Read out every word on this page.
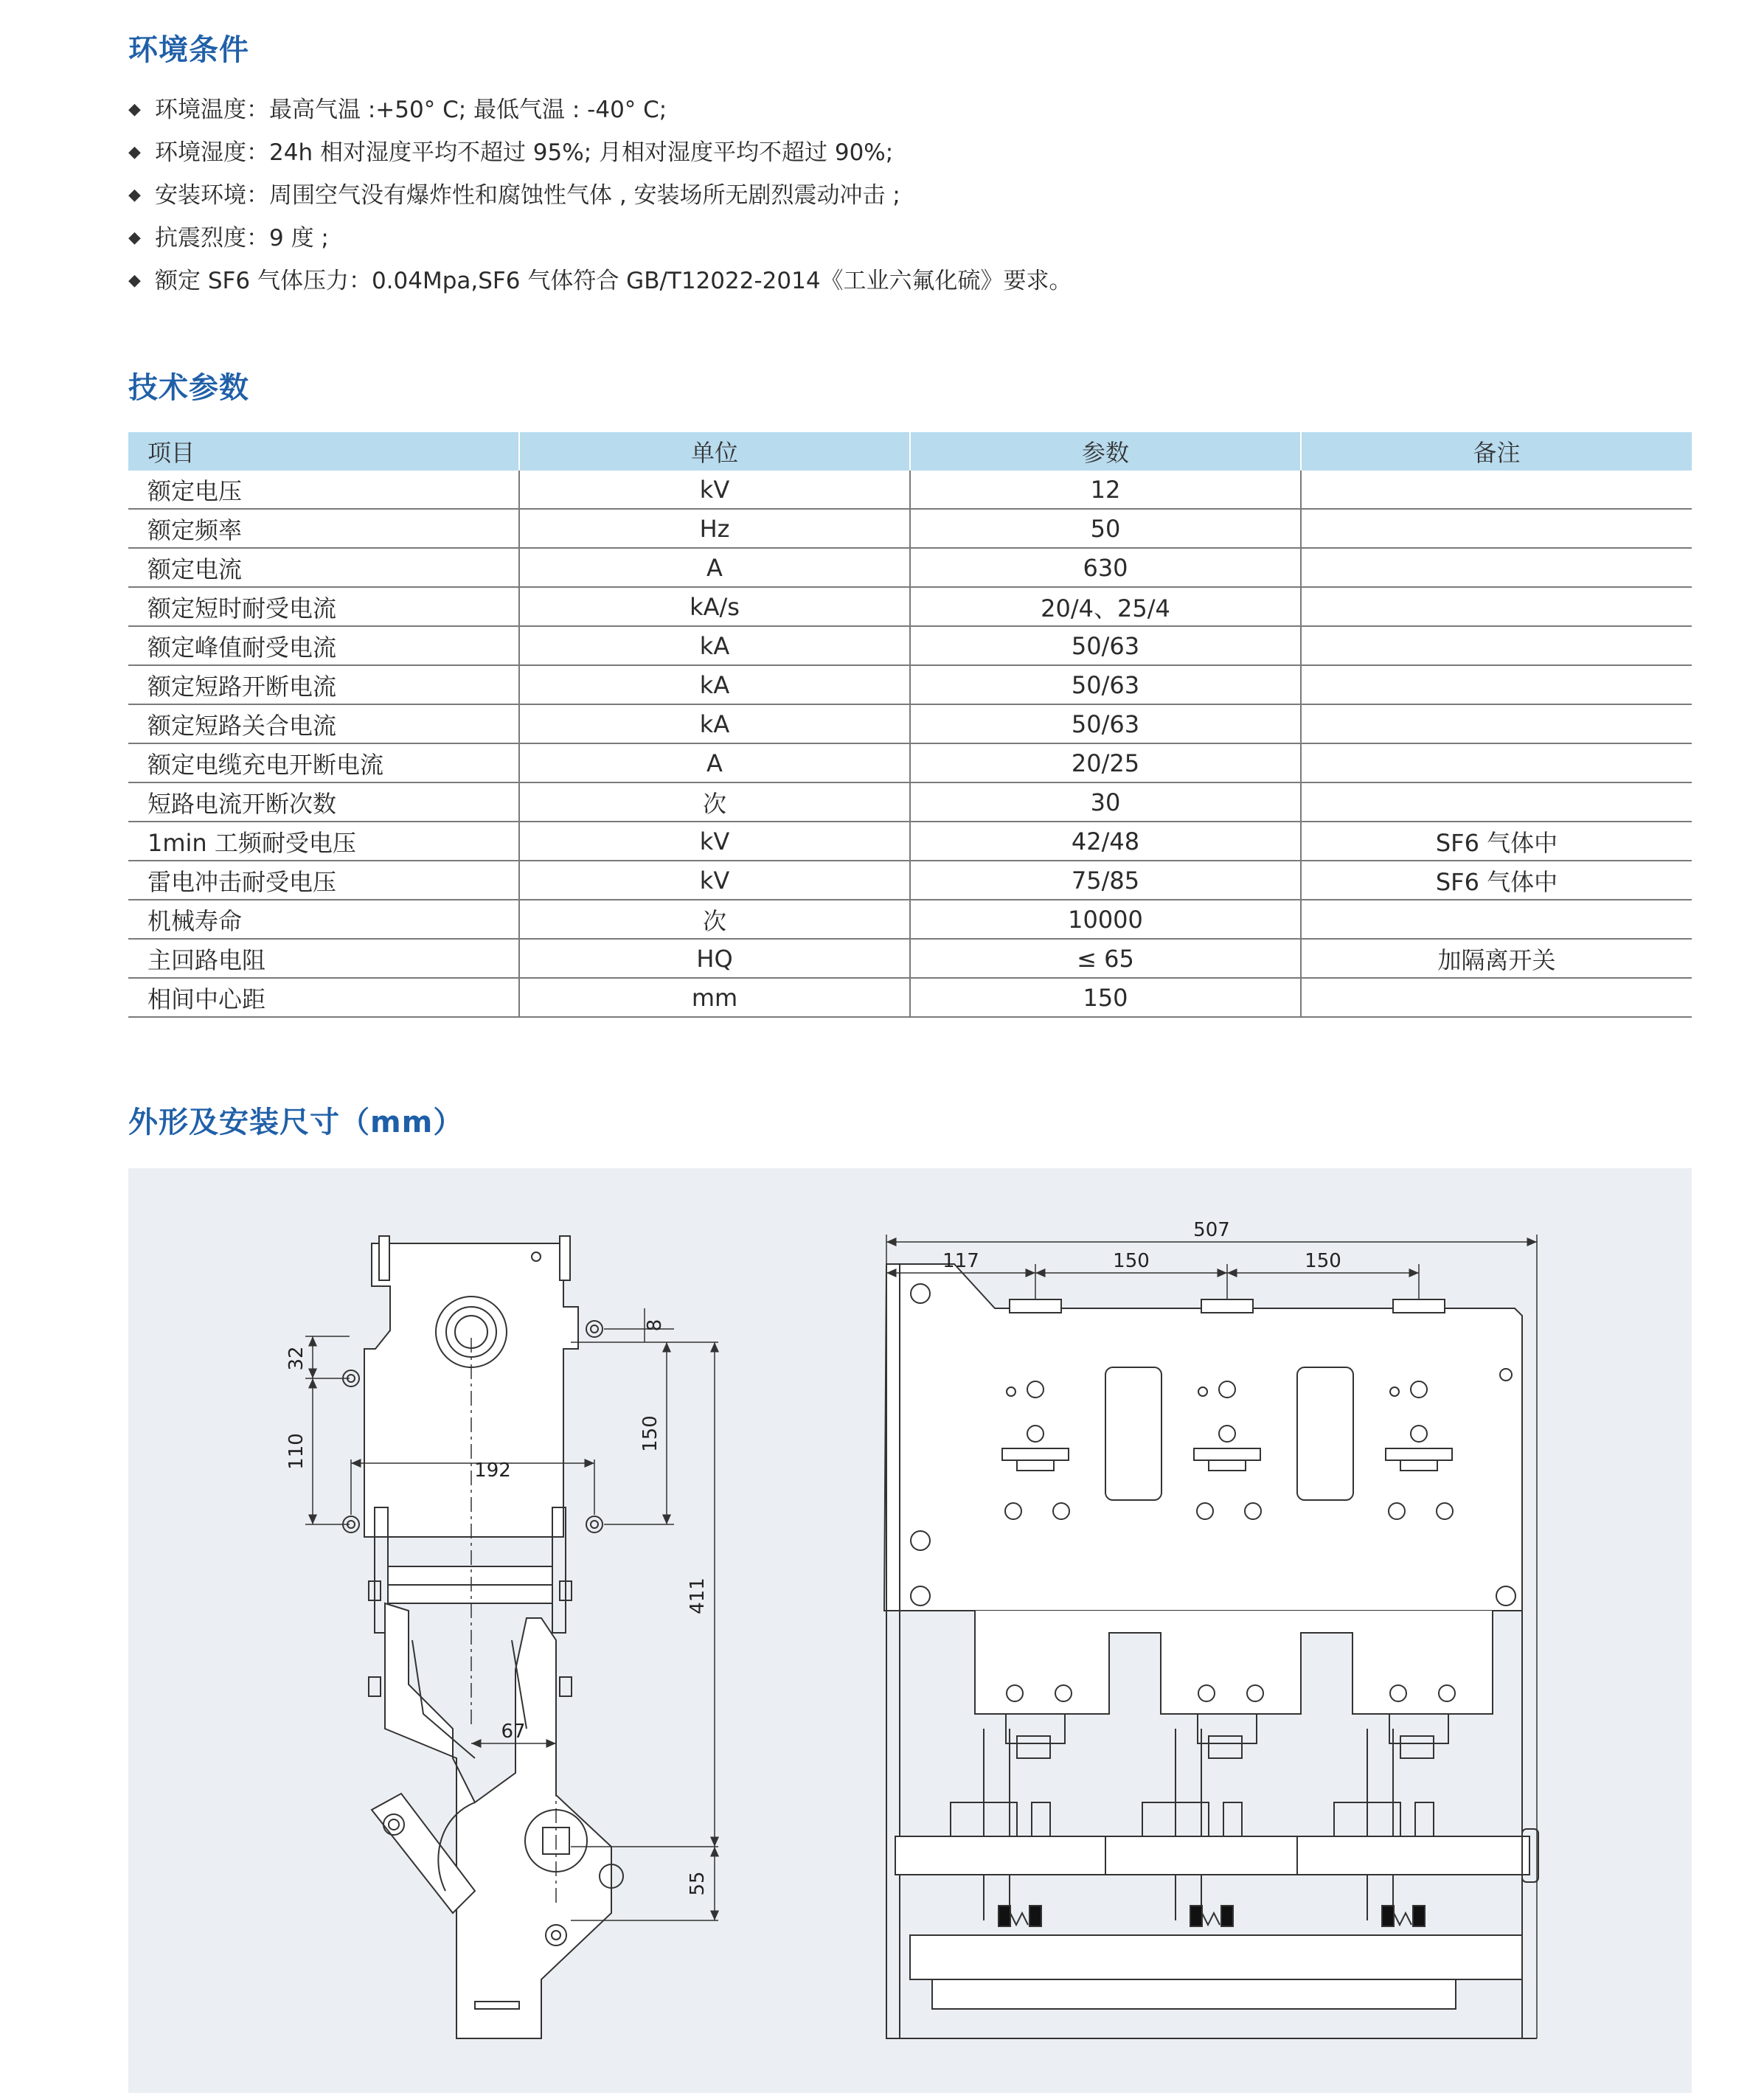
环境条件
◆ 环境温度：最高气温 :+50° C; 最低气温 : -40° C;
◆ 环境湿度：24h 相对湿度平均不超过 95%; 月相对湿度平均不超过 90%;
◆ 安装环境：周围空气没有爆炸性和腐蚀性气体 , 安装场所无剧烈震动冲击 ;
◆ 抗震烈度：9 度 ;
◆ 额定 SF6 气体压力：0.04Mpa,SF6 气体符合 GB/T12022-2014《工业六氟化硫》要求。
技术参数
项目	单位	参数	备注
额定电压	kV	12	
额定频率	Hz	50	
额定电流	A	630	
额定短时耐受电流	kA/s	20/4、25/4	
额定峰值耐受电流	kA	50/63	
额定短路开断电流	kA	50/63	
额定短路关合电流	kA	50/63	
额定电缆充电开断电流	A	20/25	
短路电流开断次数	次	30	
1min 工频耐受电压	kV	42/48	SF6 气体中
雷电冲击耐受电压	kV	75/85	SF6 气体中
机械寿命	次	10000	
主回路电阻	HQ	≤ 65	加隔离开关
相间中心距	mm	150	
外形及安装尺寸（mm）
32
110
192
8
150
411
67
55
507
117	150	150
